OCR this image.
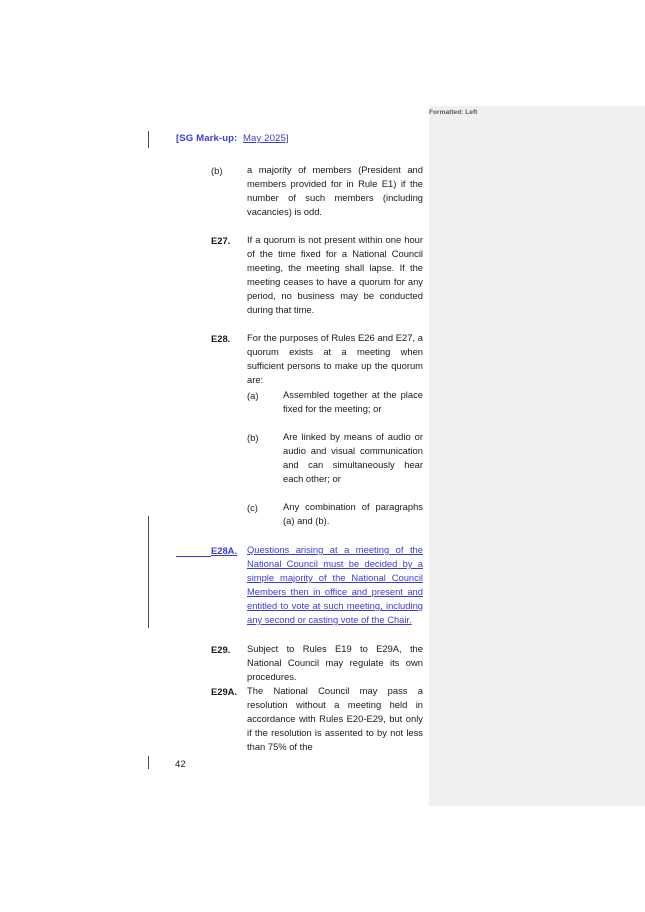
Formatted: Left
[SG Mark-up: May 2025]
(b)	a majority of members (President and members provided for in Rule E1) if the number of such members (including vacancies) is odd.
E27. If a quorum is not present within one hour of the time fixed for a National Council meeting, the meeting shall lapse. If the meeting ceases to have a quorum for any period, no business may be conducted during that time.
E28. For the purposes of Rules E26 and E27, a quorum exists at a meeting when sufficient persons to make up the quorum are:
(a)	Assembled together at the place fixed for the meeting; or
(b)	Are linked by means of audio or audio and visual communication and can simultaneously hear each other; or
(c)	Any combination of paragraphs (a) and (b).
E28A. Questions arising at a meeting of the National Council must be decided by a simple majority of the National Council Members then in office and present and entitled to vote at such meeting, including any second or casting vote of the Chair.
E29. Subject to Rules E19 to E29A, the National Council may regulate its own procedures.
E29A. The National Council may pass a resolution without a meeting held in accordance with Rules E20-E29, but only if the resolution is assented to by not less than 75% of the
42
